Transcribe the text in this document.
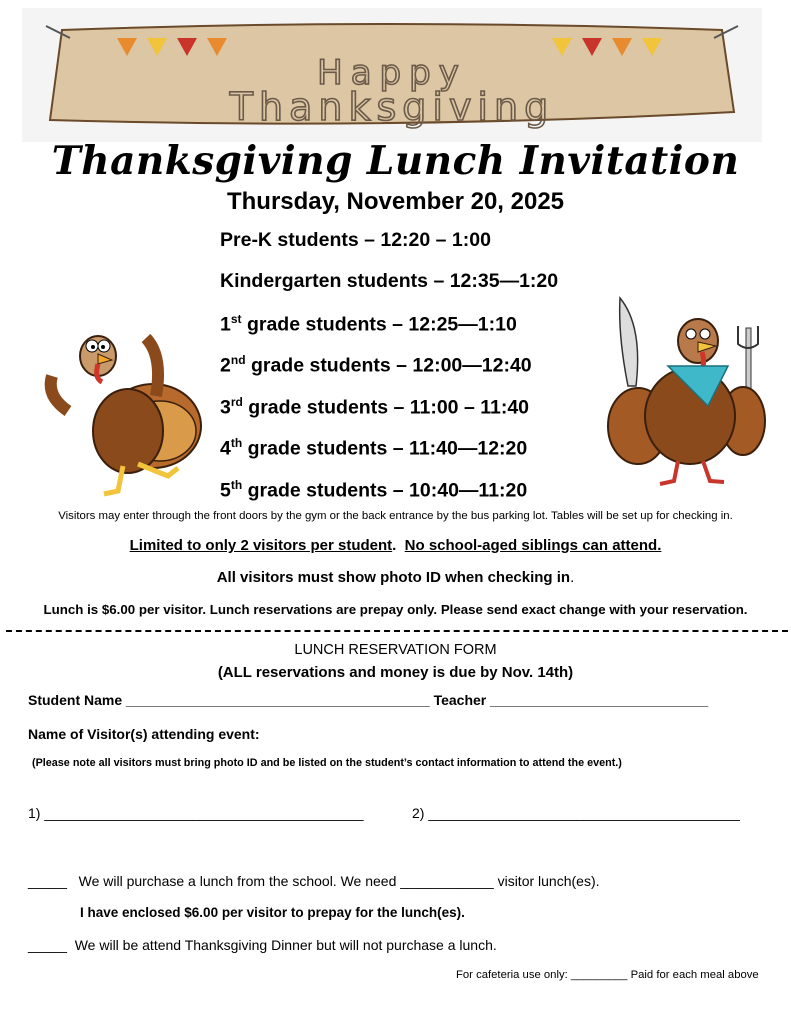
Happy
Thanksgiving
Thanksgiving Lunch Invitation
Thursday, November 20, 2025
Pre-K students – 12:20 – 1:00
Kindergarten students – 12:35—1:20
1st grade students – 12:25—1:10
2nd grade students – 12:00—12:40
3rd grade students – 11:00 – 11:40
4th grade students – 11:40—12:20
5th grade students – 10:40—11:20
Visitors may enter through the front doors by the gym or the back entrance by the bus parking lot. Tables will be set up for checking in.
Limited to only 2 visitors per student. No school-aged siblings can attend.
All visitors must show photo ID when checking in.
Lunch is $6.00 per visitor. Lunch reservations are prepay only. Please send exact change with your reservation.
LUNCH RESERVATION FORM
(ALL reservations and money is due by Nov. 14th)
Student Name _______________________________________ Teacher ____________________________
Name of Visitor(s) attending event:
(Please note all visitors must bring photo ID and be listed on the student’s contact information to attend the event.)
1) _________________________________________	2) ________________________________________
_____ We will purchase a lunch from the school. We need ____________ visitor lunch(es).
I have enclosed $6.00 per visitor to prepay for the lunch(es).
_____ We will be attend Thanksgiving Dinner but will not purchase a lunch.
For cafeteria use only: _________ Paid for each meal above
